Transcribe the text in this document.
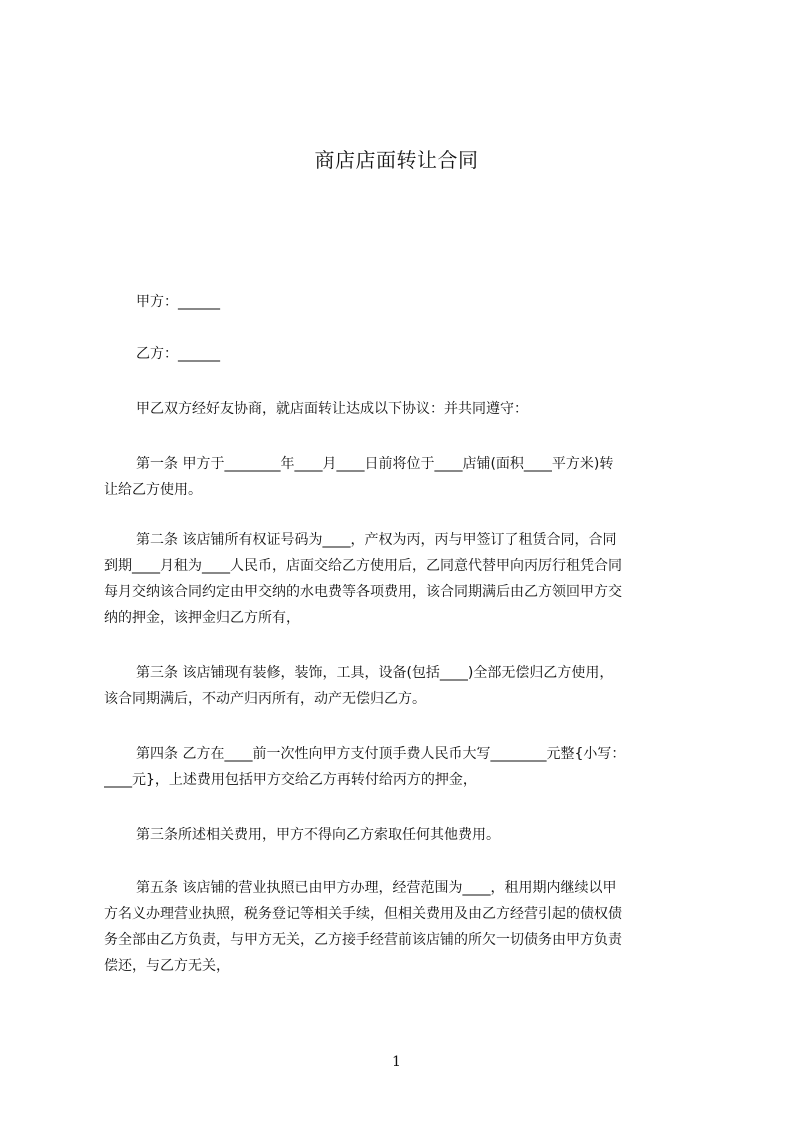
商店店面转让合同

甲方：______

乙方：______

甲乙双方经好友协商，就店面转让达成以下协议：并共同遵守：

第一条 甲方于________年____月____日前将位于____店铺(面积____平方米)转

让给乙方使用。

第二条 该店铺所有权证号码为____，产权为丙，丙与甲签订了租赁合同，合同

到期____月租为____人民币，店面交给乙方使用后，乙同意代替甲向丙厉行租凭合同

每月交纳该合同约定由甲交纳的水电费等各项费用，该合同期满后由乙方领回甲方交

纳的押金，该押金归乙方所有，

第三条 该店铺现有装修，装饰，工具，设备(包括____)全部无偿归乙方使用，

该合同期满后，不动产归丙所有，动产无偿归乙方。

第四条 乙方在____前一次性向甲方支付顶手费人民币大写________元整{小写：

____元}，上述费用包括甲方交给乙方再转付给丙方的押金，

第三条所述相关费用，甲方不得向乙方索取任何其他费用。

第五条 该店铺的营业执照已由甲方办理，经营范围为____，租用期内继续以甲

方名义办理营业执照，税务登记等相关手续，但相关费用及由乙方经营引起的债权债

务全部由乙方负责，与甲方无关，乙方接手经营前该店铺的所欠一切债务由甲方负责

偿还，与乙方无关，

1
